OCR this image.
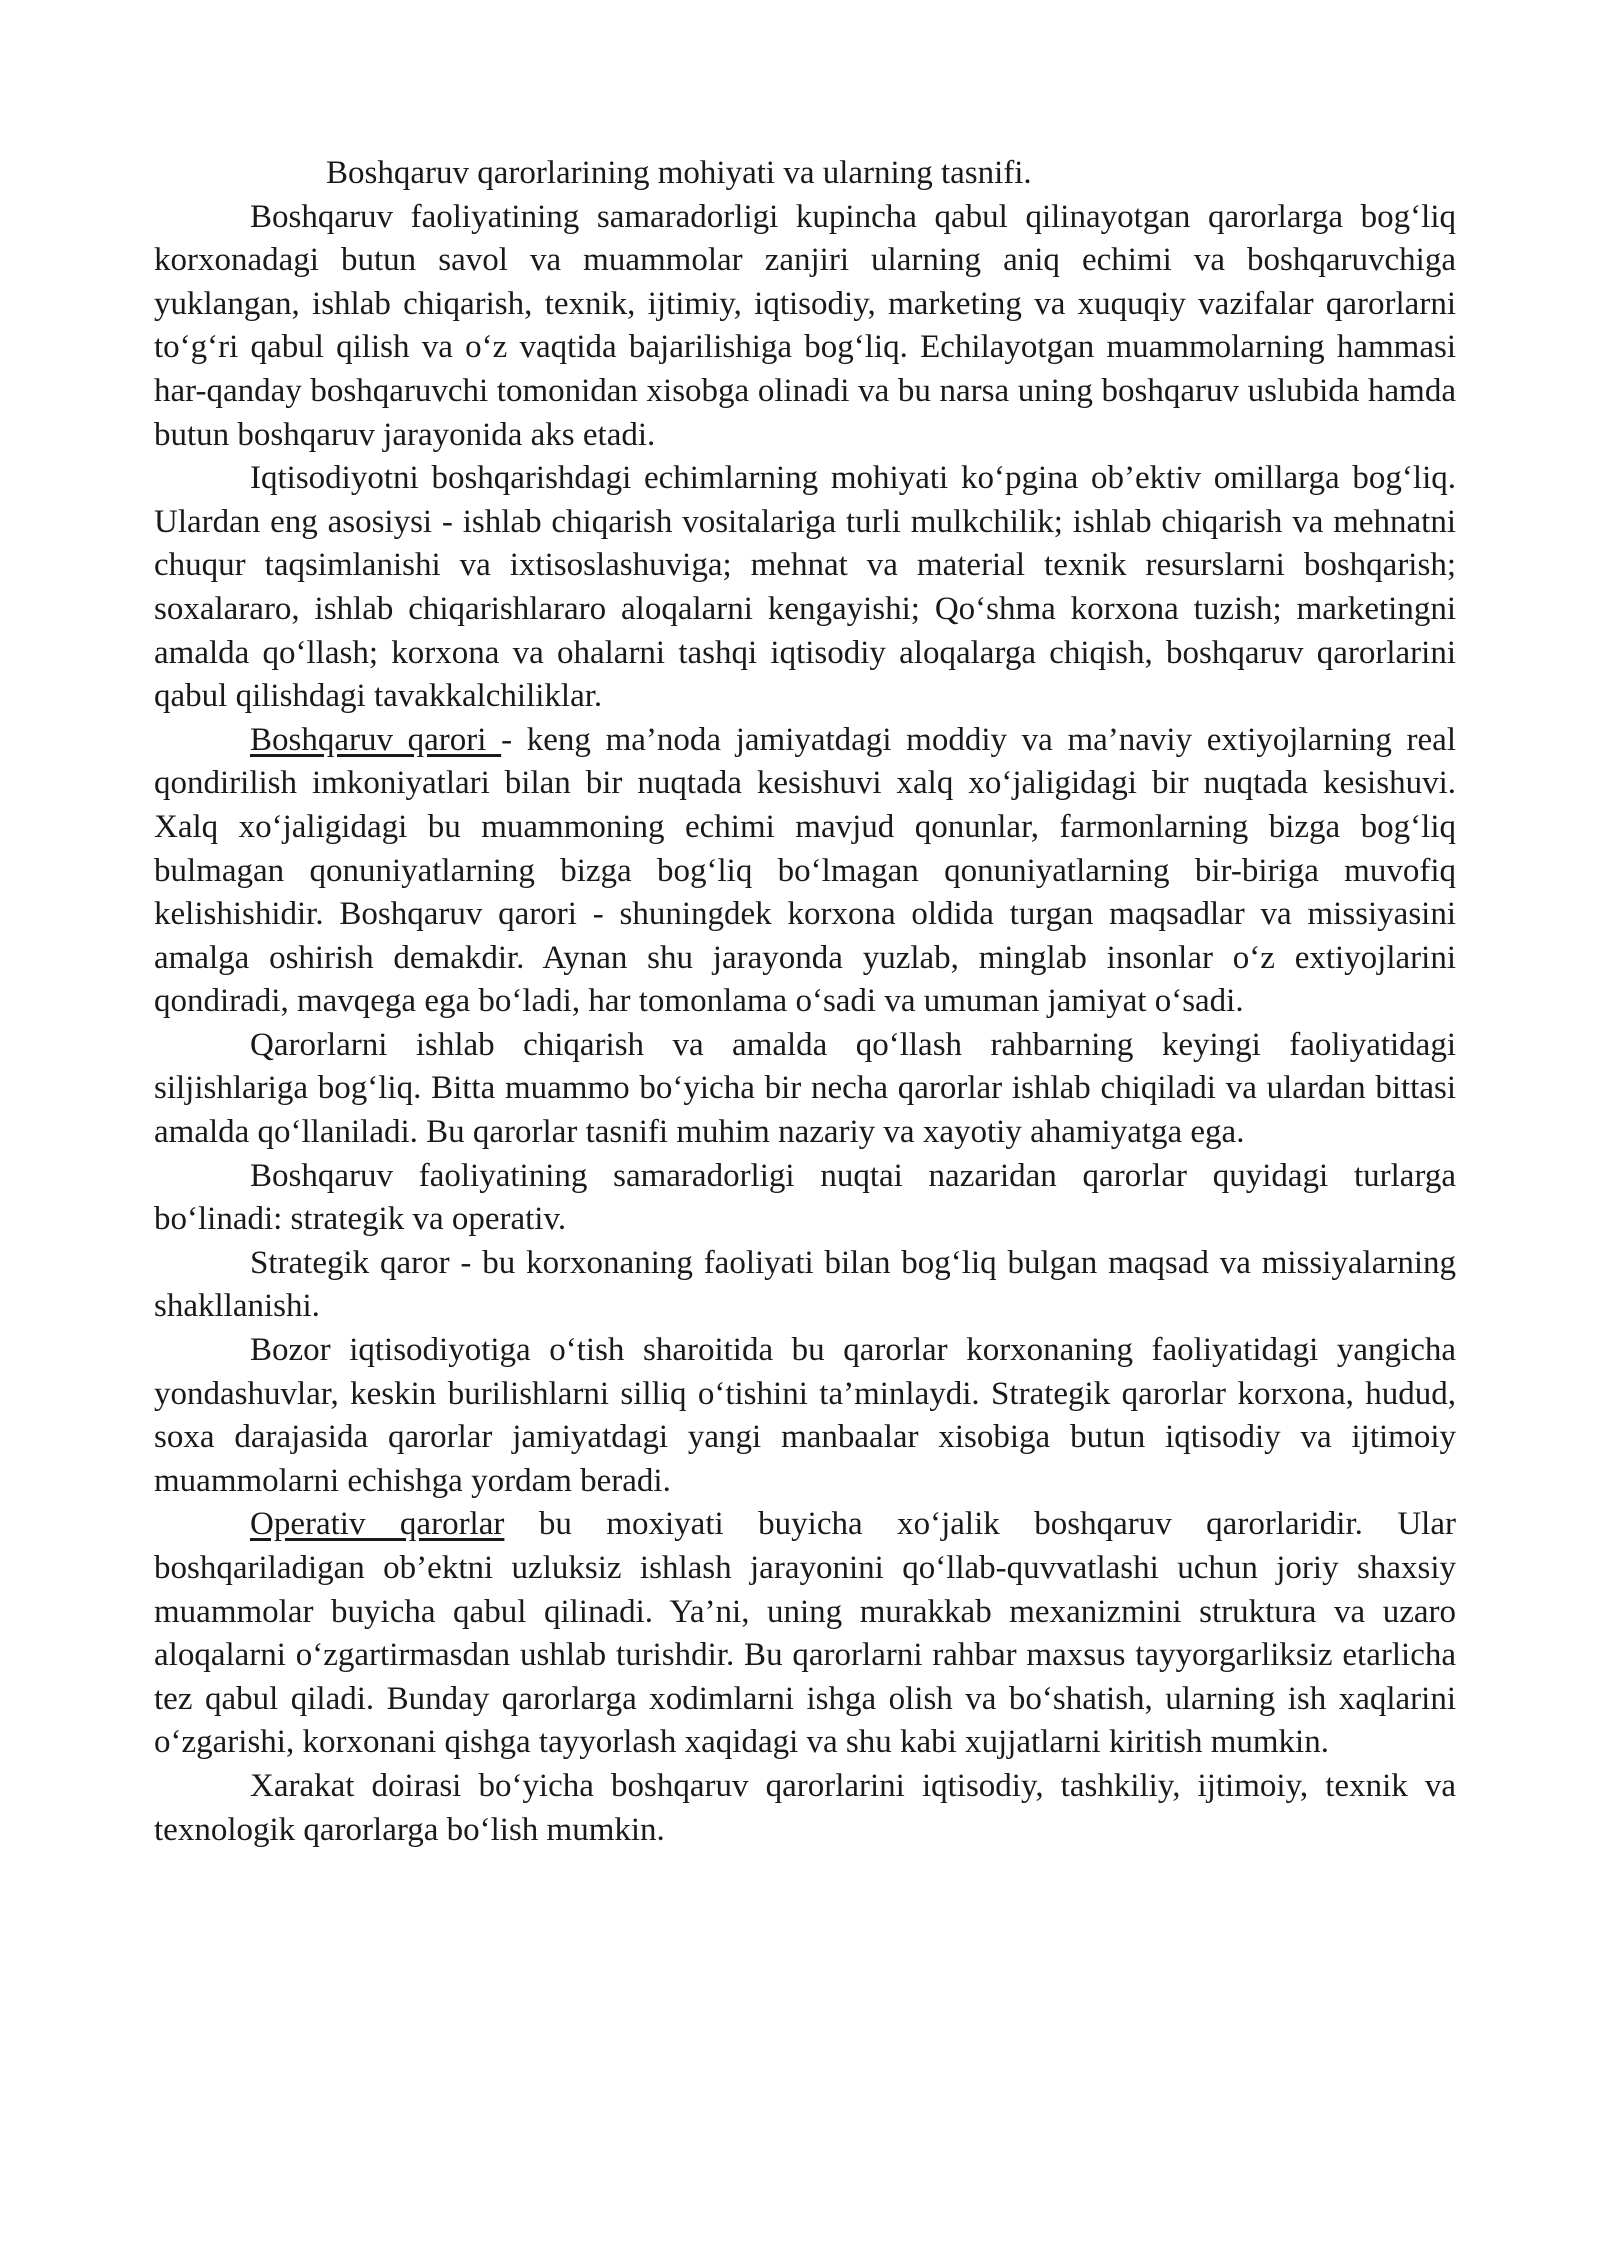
Boshqaruv qarorlarining mohiyati va ularning tasnifi.

Boshqaruv faoliyatining samaradorligi kupincha qabul qilinayotgan qarorlarga bog‘liq korxonadagi butun savol va muammolar zanjiri ularning aniq echimi va boshqaruvchiga yuklangan, ishlab chiqarish, texnik, ijtimiy, iqtisodiy, marketing va xuquqiy vazifalar qarorlarni to‘g‘ri qabul qilish va o‘z vaqtida bajarilishiga bog‘liq. Echilayotgan muammolarning hammasi har-qanday boshqaruvchi tomonidan xisobga olinadi va bu narsa uning boshqaruv uslubida hamda butun boshqaruv jarayonida aks etadi.

Iqtisodiyotni boshqarishdagi echimlarning mohiyati ko‘pgina ob’ektiv omillarga bog‘liq. Ulardan eng asosiysi - ishlab chiqarish vositalariga turli mulkchilik; ishlab chiqarish va mehnatni chuqur taqsimlanishi va ixtisoslashuviga; mehnat va material texnik resurslarni boshqarish; soxalararo, ishlab chiqarishlararo aloqalarni kengayishi; Qo‘shma korxona tuzish; marketingni amalda qo‘llash; korxona va ohalarni tashqi iqtisodiy aloqalarga chiqish, boshqaruv qarorlarini qabul qilishdagi tavakkalchiliklar.

Boshqaruv qarori - keng ma’noda jamiyatdagi moddiy va ma’naviy extiyojlarning real qondirilish imkoniyatlari bilan bir nuqtada kesishuvi xalq xo‘jaligidagi bir nuqtada kesishuvi. Xalq xo‘jaligidagi bu muammoning echimi mavjud qonunlar, farmonlarning bizga bog‘liq bulmagan qonuniyatlarning bizga bog‘liq bo‘lmagan qonuniyatlarning bir-biriga muvofiq kelishishidir. Boshqaruv qarori - shuningdek korxona oldida turgan maqsadlar va missiyasini amalga oshirish demakdir. Aynan shu jarayonda yuzlab, minglab insonlar o‘z extiyojlarini qondiradi, mavqega ega bo‘ladi, har tomonlama o‘sadi va umuman jamiyat o‘sadi.

Qarorlarni ishlab chiqarish va amalda qo‘llash rahbarning keyingi faoliyatidagi siljishlariga bog‘liq. Bitta muammo bo‘yicha bir necha qarorlar ishlab chiqiladi va ulardan bittasi amalda qo‘llaniladi. Bu qarorlar tasnifi muhim nazariy va xayotiy ahamiyatga ega.

Boshqaruv faoliyatining samaradorligi nuqtai nazaridan qarorlar quyidagi turlarga bo‘linadi: strategik va operativ.

Strategik qaror - bu korxonaning faoliyati bilan bog‘liq bulgan maqsad va missiyalarning shakllanishi.

Bozor iqtisodiyotiga o‘tish sharoitida bu qarorlar korxonaning faoliyatidagi yangicha yondashuvlar, keskin burilishlarni silliq o‘tishini ta’minlaydi. Strategik qarorlar korxona, hudud, soxa darajasida qarorlar jamiyatdagi yangi manbaalar xisobiga butun iqtisodiy va ijtimoiy muammolarni echishga yordam beradi.

Operativ qarorlar bu moxiyati buyicha xo‘jalik boshqaruv qarorlaridir. Ular boshqariladigan ob’ektni uzluksiz ishlash jarayonini qo‘llab-quvvatlashi uchun joriy shaxsiy muammolar buyicha qabul qilinadi. Ya’ni, uning murakkab mexanizmini struktura va uzaro aloqalarni o‘zgartirmasdan ushlab turishdir. Bu qarorlarni rahbar maxsus tayyorgarliksiz etarlicha tez qabul qiladi. Bunday qarorlarga xodimlarni ishga olish va bo‘shatish, ularning ish xaqlarini o‘zgarishi, korxonani qishga tayyorlash xaqidagi va shu kabi xujjatlarni kiritish mumkin.

Xarakat doirasi bo‘yicha boshqaruv qarorlarini iqtisodiy, tashkiliy, ijtimoiy, texnik va texnologik qarorlarga bo‘lish mumkin.
